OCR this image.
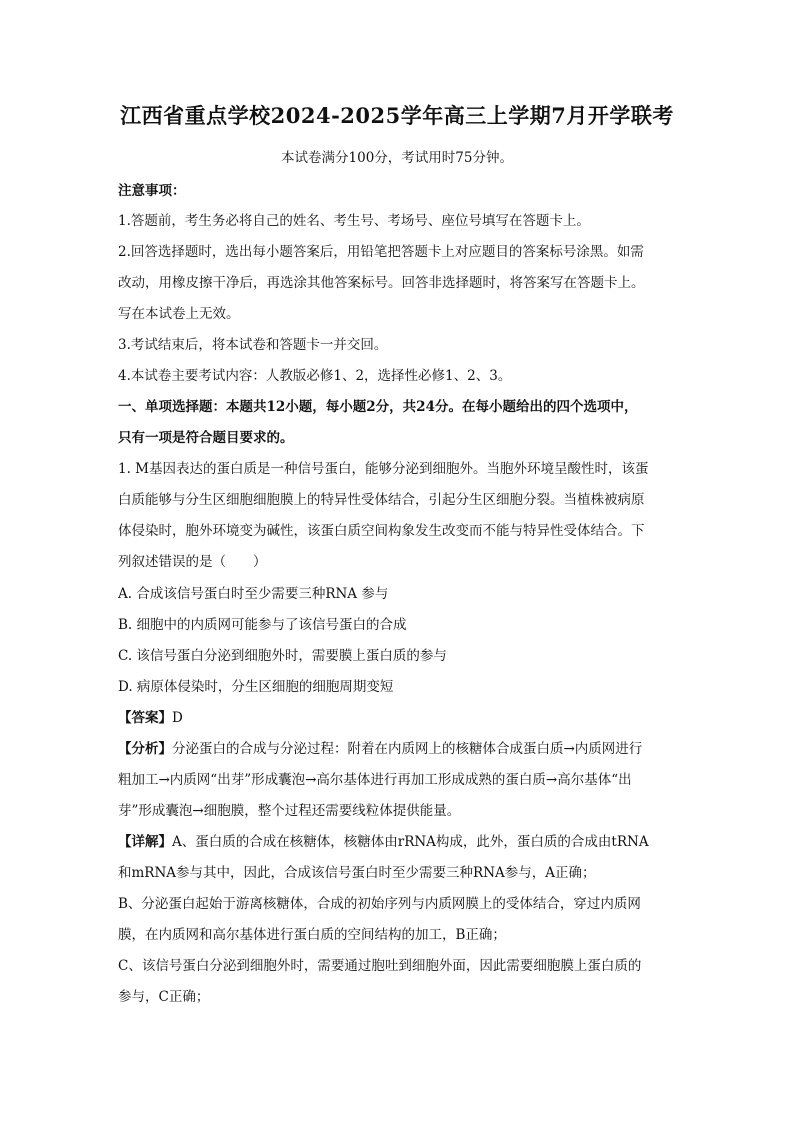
江西省重点学校2024-2025学年高三上学期7月开学联考
本试卷满分100分，考试用时75分钟。
注意事项：
1.答题前，考生务必将自己的姓名、考生号、考场号、座位号填写在答题卡上。
2.回答选择题时，选出每小题答案后，用铅笔把答题卡上对应题目的答案标号涂黑。如需
改动，用橡皮擦干净后，再选涂其他答案标号。回答非选择题时，将答案写在答题卡上。
写在本试卷上无效。
3.考试结束后，将本试卷和答题卡一并交回。
4.本试卷主要考试内容：人教版必修1、2，选择性必修1、2、3。
一、单项选择题：本题共12小题，每小题2分，共24分。在每小题给出的四个选项中，
只有一项是符合题目要求的。
1. M基因表达的蛋白质是一种信号蛋白，能够分泌到细胞外。当胞外环境呈酸性时，该蛋
白质能够与分生区细胞细胞膜上的特异性受体结合，引起分生区细胞分裂。当植株被病原
体侵染时，胞外环境变为碱性，该蛋白质空间构象发生改变而不能与特异性受体结合。下
列叙述错误的是（　　）
A. 合成该信号蛋白时至少需要三种RNA 参与
B. 细胞中的内质网可能参与了该信号蛋白的合成
C. 该信号蛋白分泌到细胞外时，需要膜上蛋白质的参与
D. 病原体侵染时，分生区细胞的细胞周期变短
【答案】D
【分析】分泌蛋白的合成与分泌过程：附着在内质网上的核糖体合成蛋白质→内质网进行
粗加工→内质网“出芽”形成囊泡→高尔基体进行再加工形成成熟的蛋白质→高尔基体“出
芽”形成囊泡→细胞膜，整个过程还需要线粒体提供能量。
【详解】A、蛋白质的合成在核糖体，核糖体由rRNA构成，此外，蛋白质的合成由tRNA
和mRNA参与其中，因此，合成该信号蛋白时至少需要三种RNA参与，A正确；
B、分泌蛋白起始于游离核糖体，合成的初始序列与内质网膜上的受体结合，穿过内质网
膜，在内质网和高尔基体进行蛋白质的空间结构的加工，B正确；
C、该信号蛋白分泌到细胞外时，需要通过胞吐到细胞外面，因此需要细胞膜上蛋白质的
参与，C正确；
